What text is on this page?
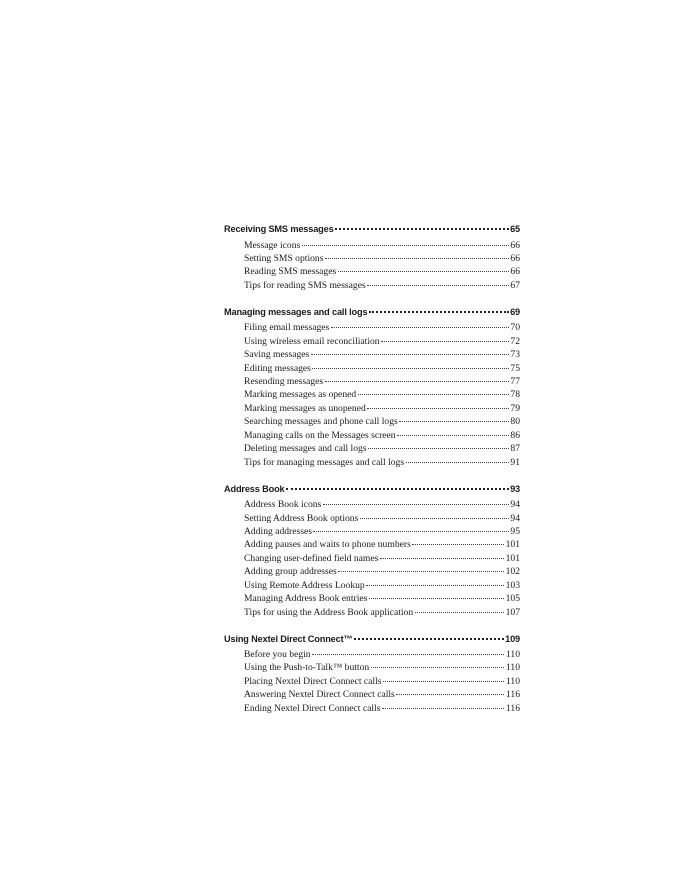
Receiving SMS messages	65
Message icons	66
Setting SMS options	66
Reading SMS messages	66
Tips for reading SMS messages	67
Managing messages and call logs	69
Filing email messages	70
Using wireless email reconciliation	72
Saving messages	73
Editing messages	75
Resending messages	77
Marking messages as opened	78
Marking messages as unopened	79
Searching messages and phone call logs	80
Managing calls on the Messages screen	86
Deleting messages and call logs	87
Tips for managing messages and call logs	91
Address Book	93
Address Book icons	94
Setting Address Book options	94
Adding addresses	95
Adding pauses and waits to phone numbers	101
Changing user-defined field names	101
Adding group addresses	102
Using Remote Address Lookup	103
Managing Address Book entries	105
Tips for using the Address Book application	107
Using Nextel Direct Connect™	109
Before you begin	110
Using the Push-to-Talk™ button	110
Placing Nextel Direct Connect calls	110
Answering Nextel Direct Connect calls	116
Ending Nextel Direct Connect calls	116
